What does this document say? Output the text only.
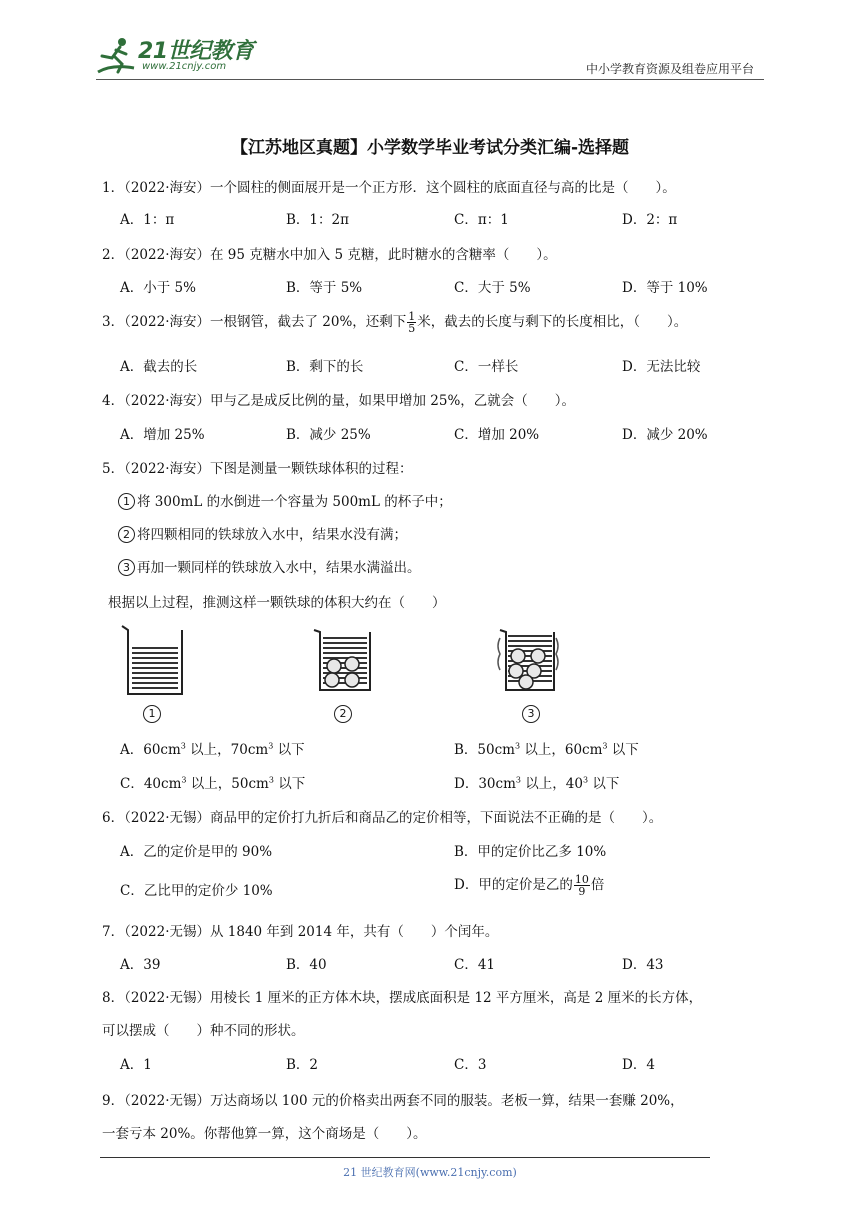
21世纪教育
www.21cnjy.com	中小学教育资源及组卷应用平台
【江苏地区真题】小学数学毕业考试分类汇编-选择题
1．（2022·海安）一个圆柱的侧面展开是一个正方形．这个圆柱的底面直径与高的比是（　　）。
A．1：π	B．1：2π	C．π：1	D．2：π
2．（2022·海安）在 95 克糖水中加入 5 克糖，此时糖水的含糖率（　　）。
A．小于 5%	B．等于 5%	C．大于 5%	D．等于 10%
3．（2022·海安）一根钢管，截去了 20%，还剩下 $\frac{1}{5}$ 米，截去的长度与剩下的长度相比，（　　）。
A．截去的长	B．剩下的长	C．一样长	D．无法比较
4．（2022·海安）甲与乙是成反比例的量，如果甲增加 25%，乙就会（　　）。
A．增加 25%	B．减少 25%	C．增加 20%	D．减少 20%
5．（2022·海安）下图是测量一颗铁球体积的过程：
1 将 300mL 的水倒进一个容量为 500mL 的杯子中；
2 将四颗相同的铁球放入水中，结果水没有满；
3 再加一颗同样的铁球放入水中，结果水满溢出。
根据以上过程，推测这样一颗铁球的体积大约在（　　）
1	2	3
A．$60cm^3$ 以上，$70cm^3$ 以下	B．$50cm^3$ 以上，$60cm^3$ 以下
C．$40cm^3$ 以上，$50cm^3$ 以下	D．$30cm^3$ 以上，$40^3$ 以下
6．（2022·无锡）商品甲的定价打九折后和商品乙的定价相等，下面说法不正确的是（　　）。
A．乙的定价是甲的 90%	B．甲的定价比乙多 10%
C．乙比甲的定价少 10%	D．甲的定价是乙的 $\frac{10}{9}$ 倍
7．（2022·无锡）从 1840 年到 2014 年，共有（　　）个闰年。
A．39	B．40	C．41	D．43
8．（2022·无锡）用棱长 1 厘米的正方体木块，摆成底面积是 12 平方厘米，高是 2 厘米的长方体，
可以摆成（　　）种不同的形状。
A．1	B．2	C．3	D．4
9．（2022·无锡）万达商场以 100 元的价格卖出两套不同的服装。老板一算，结果一套赚 20%，
一套亏本 20%。你帮他算一算，这个商场是（　　）。
21 世纪教育网(www.21cnjy.com)
